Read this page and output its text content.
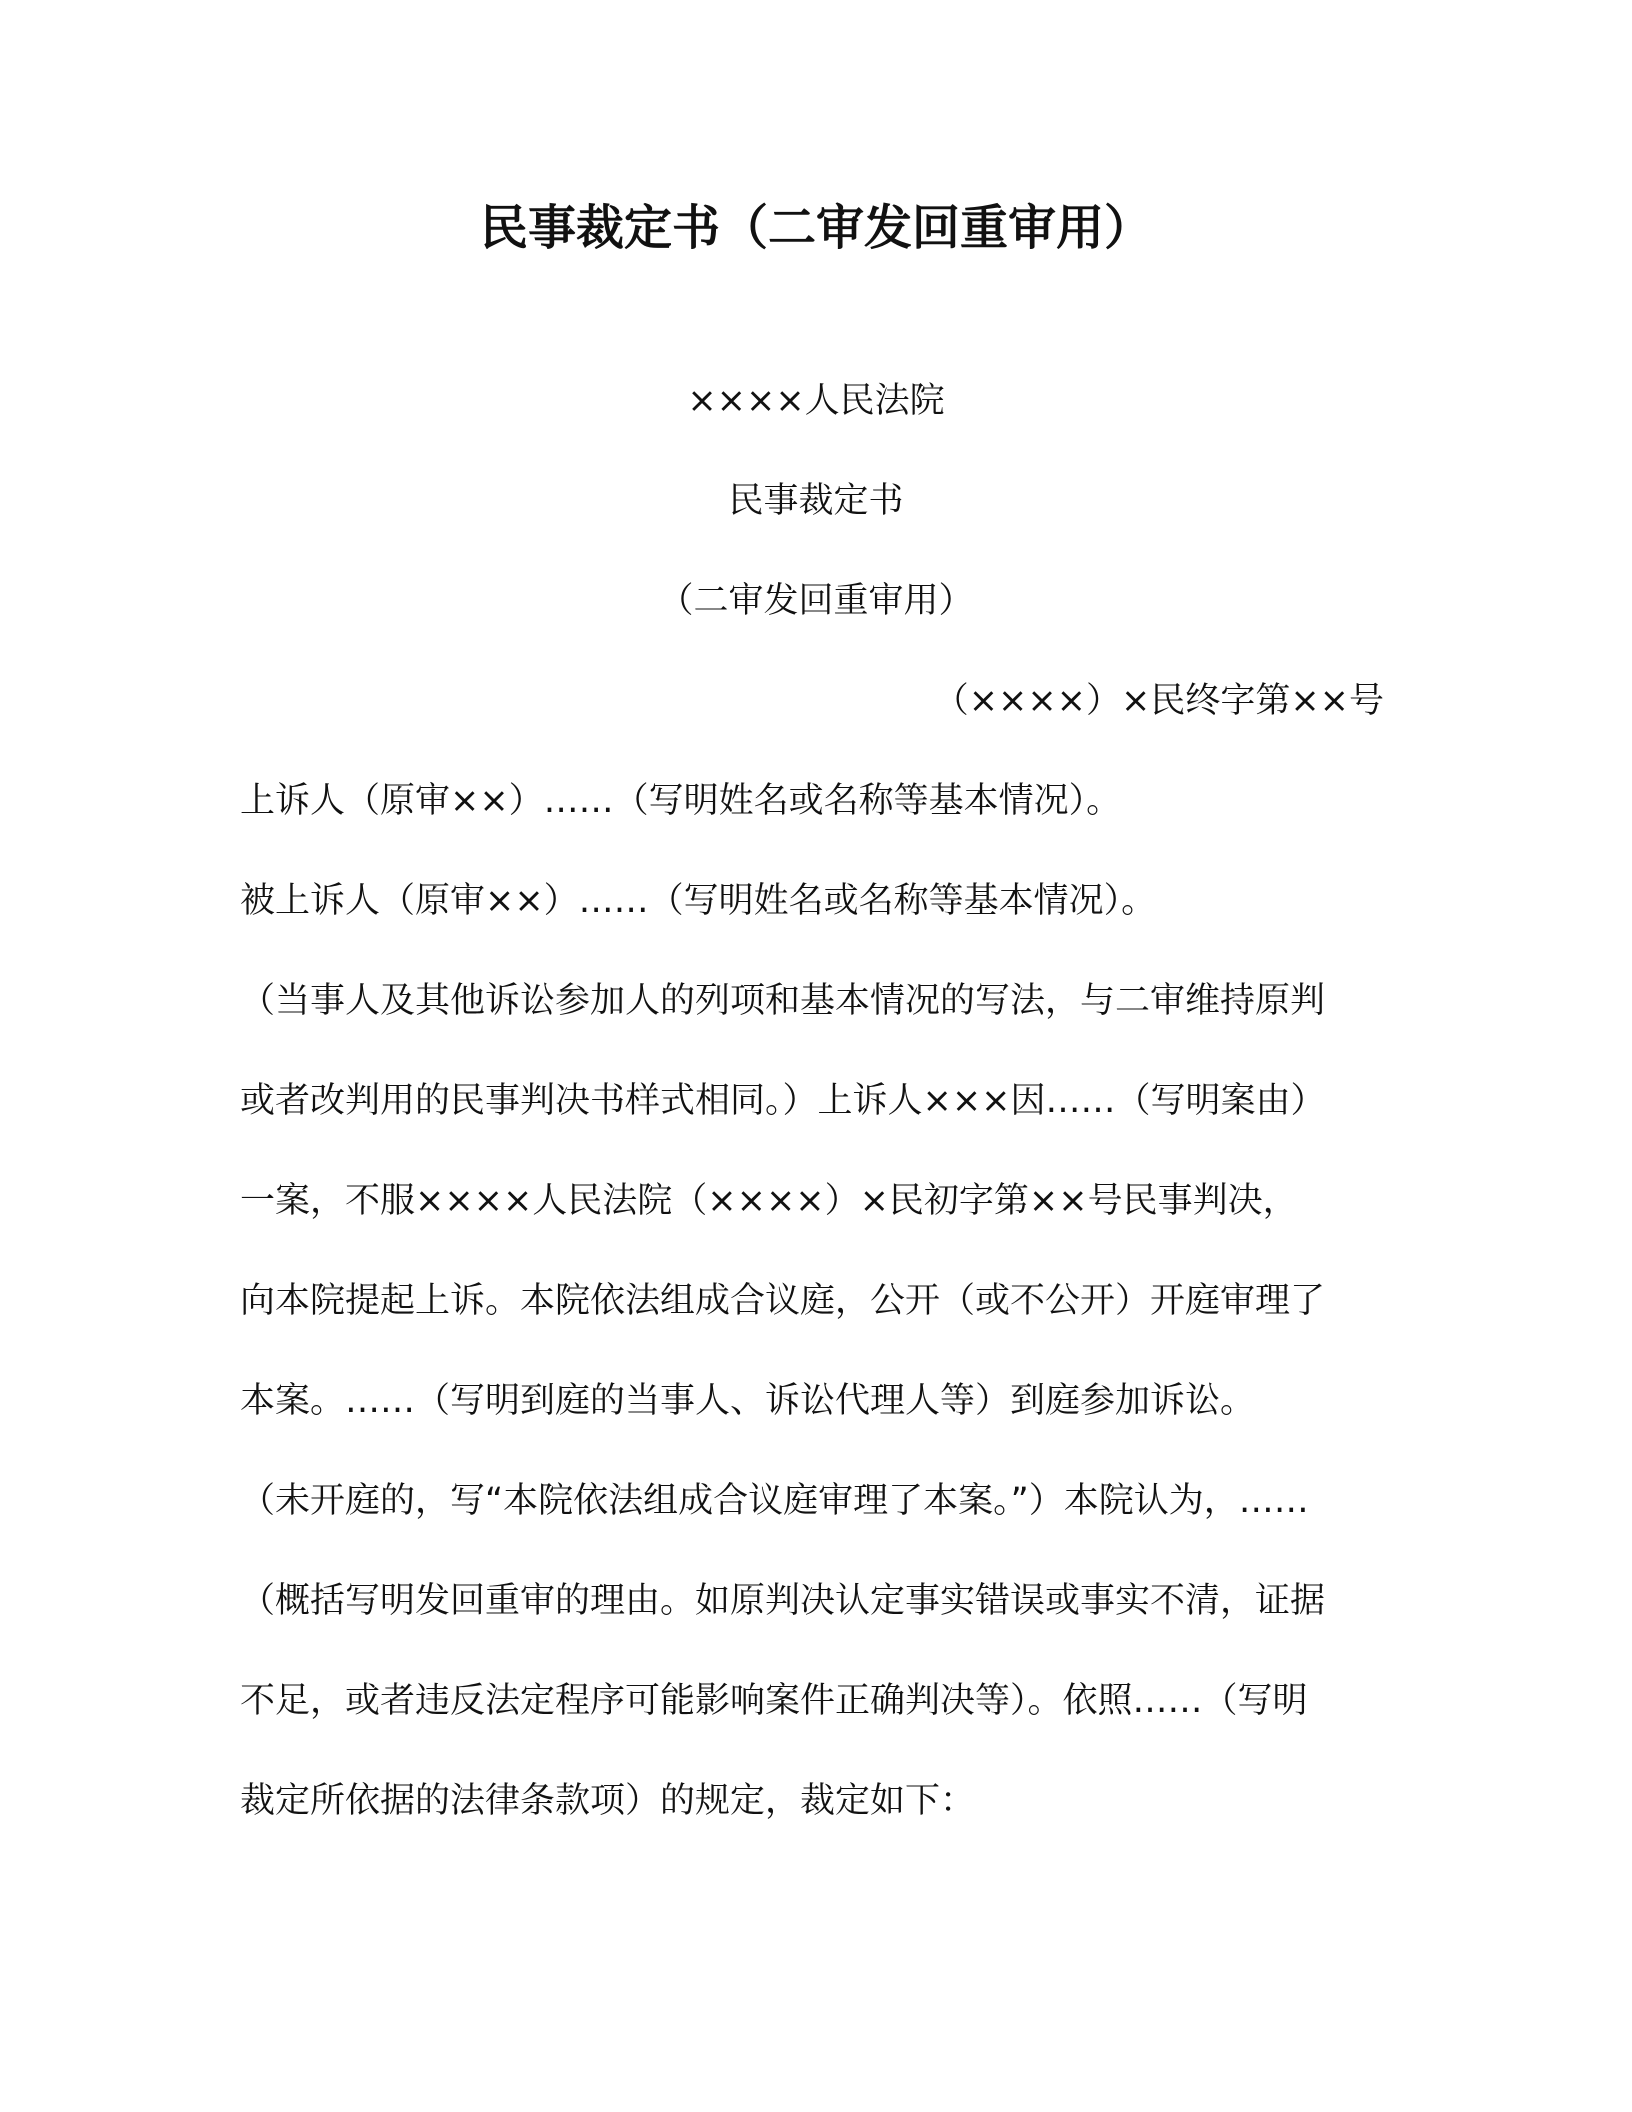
民事裁定书（二审发回重审用）

××××人民法院

民事裁定书

（二审发回重审用）

（××××）×民终字第××号

上诉人（原审××）……（写明姓名或名称等基本情况）。

被上诉人（原审××）……（写明姓名或名称等基本情况）。

（当事人及其他诉讼参加人的列项和基本情况的写法，与二审维持原判

或者改判用的民事判决书样式相同。）上诉人×××因……（写明案由）

一案，不服××××人民法院（××××）×民初字第××号民事判决，

向本院提起上诉。本院依法组成合议庭，公开（或不公开）开庭审理了

本案。……（写明到庭的当事人、诉讼代理人等）到庭参加诉讼。

（未开庭的，写“本院依法组成合议庭审理了本案。”）本院认为，……

（概括写明发回重审的理由。如原判决认定事实错误或事实不清，证据

不足，或者违反法定程序可能影响案件正确判决等）。依照……（写明

裁定所依据的法律条款项）的规定，裁定如下：
